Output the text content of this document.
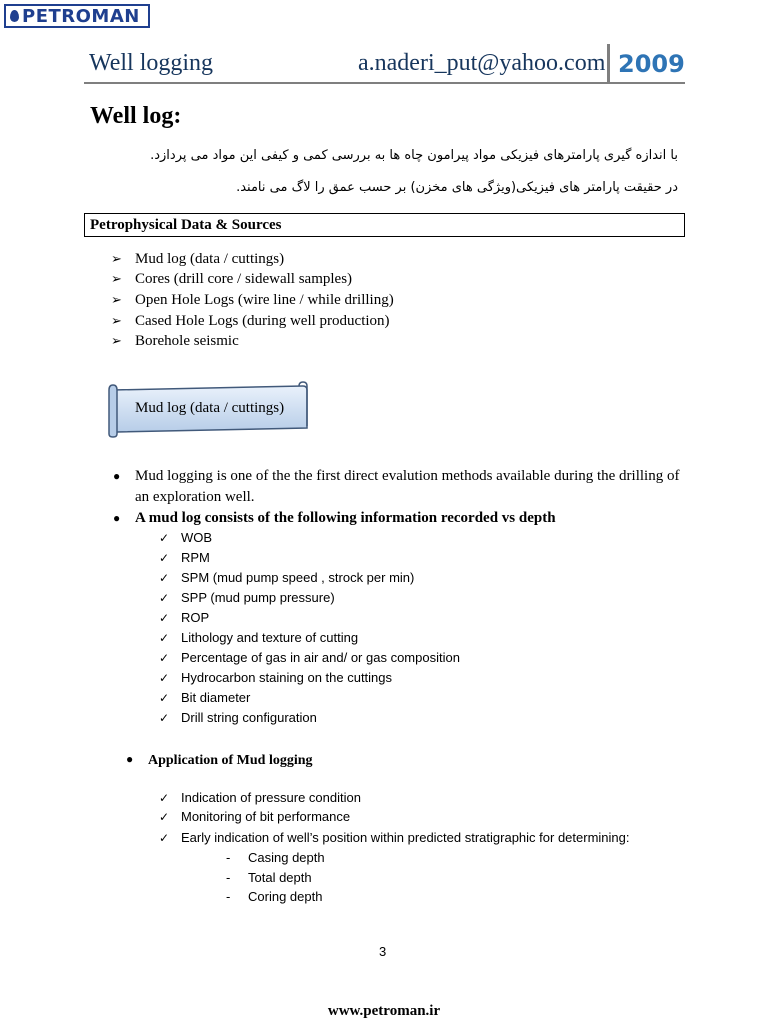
PETROMAN
Well logging	a.naderi_put@yahoo.com 2009
Well log:
با اندازه گیری پارامترهای فیزیکی مواد پیرامون چاه ها به بررسی کمی و کیفی این مواد می پردازد.
در حقیقت پارامتر های فیزیکی(ویژگی های مخزن) بر حسب عمق را لاگ می نامند.
Petrophysical Data & Sources
➢ Mud log (data / cuttings)
➢ Cores (drill core / sidewall samples)
➢ Open Hole Logs (wire line / while drilling)
➢ Cased Hole Logs (during well production)
➢ Borehole seismic
Mud log (data / cuttings)
● Mud logging is one of the the first direct evalution methods available during the drilling of an exploration well.
● A mud log consists of the following information recorded vs depth
✓ WOB
✓ RPM
✓ SPM (mud pump speed , strock per min)
✓ SPP (mud pump pressure)
✓ ROP
✓ Lithology and texture of cutting
✓ Percentage of gas in air and/ or gas composition
✓ Hydrocarbon staining on the cuttings
✓ Bit diameter
✓ Drill string configuration
● Application of Mud logging
✓ Indication of pressure condition
✓ Monitoring of bit performance
✓ Early indication of well’s position within predicted stratigraphic for determining:
- Casing depth
- Total depth
- Coring depth
3
www.petroman.ir
